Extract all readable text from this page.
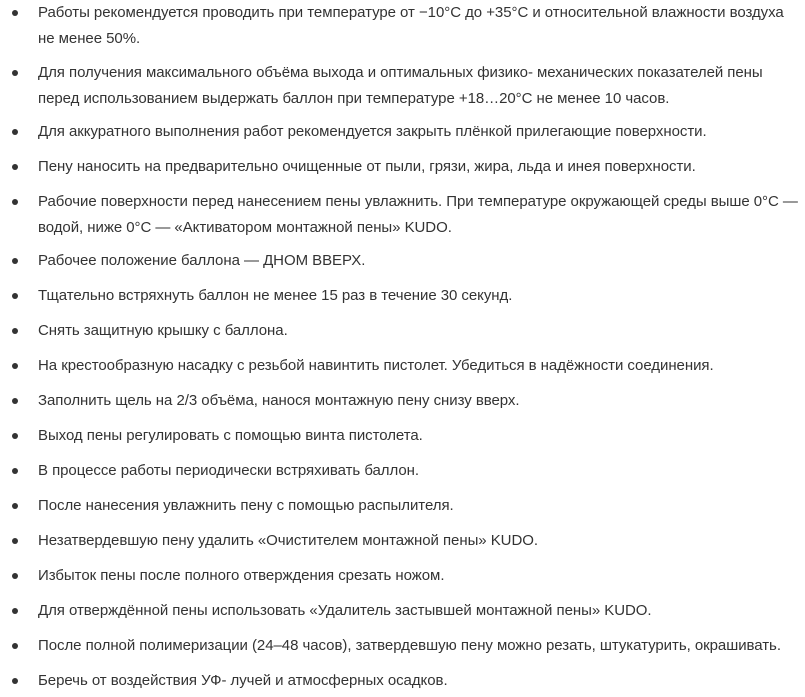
Работы рекомендуется проводить при температуре от −10°С до +35°С и относительной влажности воздуха не менее 50%.
Для получения максимального объёма выхода и оптимальных физико- механических показателей пены перед использованием выдержать баллон при температуре +18…20°С не менее 10 часов.
Для аккуратного выполнения работ рекомендуется закрыть плёнкой прилегающие поверхности.
Пену наносить на предварительно очищенные от пыли, грязи, жира, льда и инея поверхности.
Рабочие поверхности перед нанесением пены увлажнить. При температуре окружающей среды выше 0°С — водой, ниже 0°С — «Активатором монтажной пены» KUDO.
Рабочее положение баллона — ДНОМ ВВЕРХ.
Тщательно встряхнуть баллон не менее 15 раз в течение 30 секунд.
Снять защитную крышку с баллона.
На крестообразную насадку с резьбой навинтить пистолет. Убедиться в надёжности соединения.
Заполнить щель на 2/3 объёма, нанося монтажную пену снизу вверх.
Выход пены регулировать с помощью винта пистолета.
В процессе работы периодически встряхивать баллон.
После нанесения увлажнить пену с помощью распылителя.
Незатвердевшую пену удалить «Очистителем монтажной пены» KUDO.
Избыток пены после полного отверждения срезать ножом.
Для отверждённой пены использовать «Удалитель застывшей монтажной пены» KUDO.
После полной полимеризации (24–48 часов), затвердевшую пену можно резать, штукатурить, окрашивать.
Беречь от воздействия УФ- лучей и атмосферных осадков.
